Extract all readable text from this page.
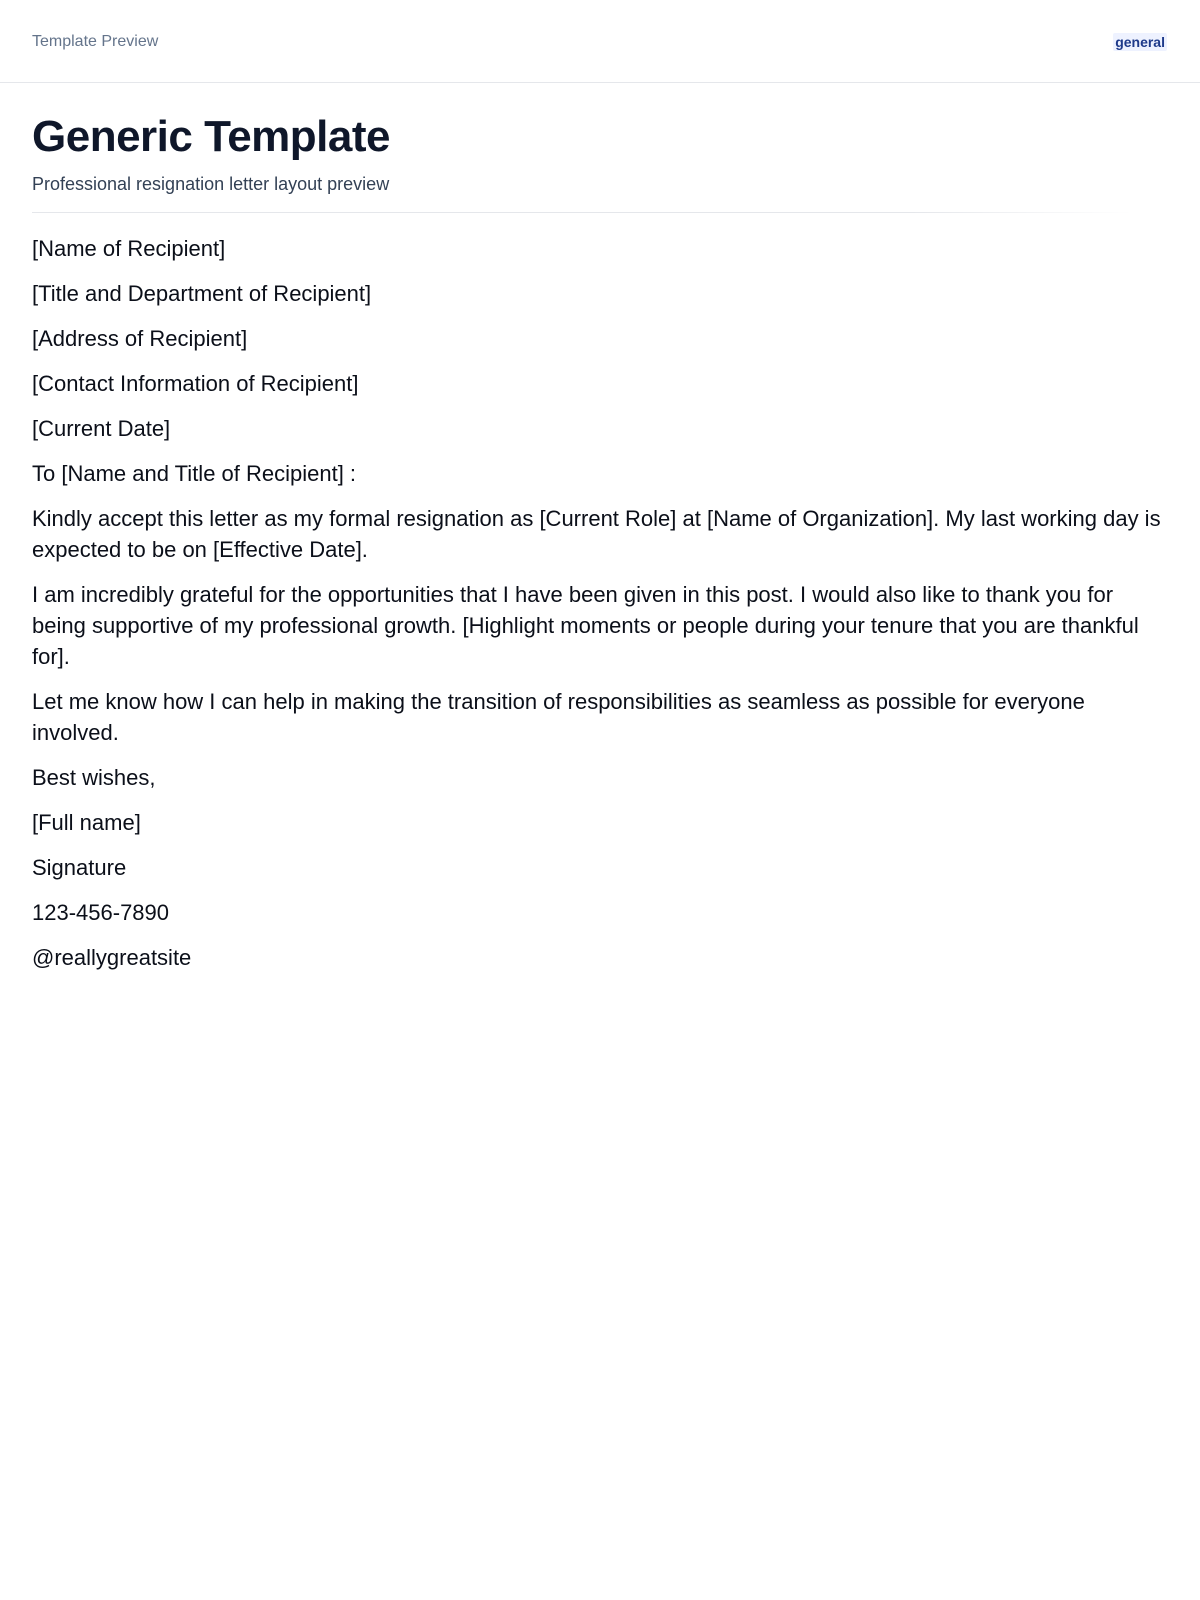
Template Preview	general
Generic Template

Professional resignation letter layout preview

[Name of Recipient]

[Title and Department of Recipient]

[Address of Recipient]

[Contact Information of Recipient]

[Current Date]

To [Name and Title of Recipient] :

Kindly accept this letter as my formal resignation as [Current Role] at [Name of Organization]. My last working day is expected to be on [Effective Date].

I am incredibly grateful for the opportunities that I have been given in this post. I would also like to thank you for being supportive of my professional growth. [Highlight moments or people during your tenure that you are thankful for].

Let me know how I can help in making the transition of responsibilities as seamless as possible for everyone involved.

Best wishes,

[Full name]

Signature

123-456-7890

@reallygreatsite
